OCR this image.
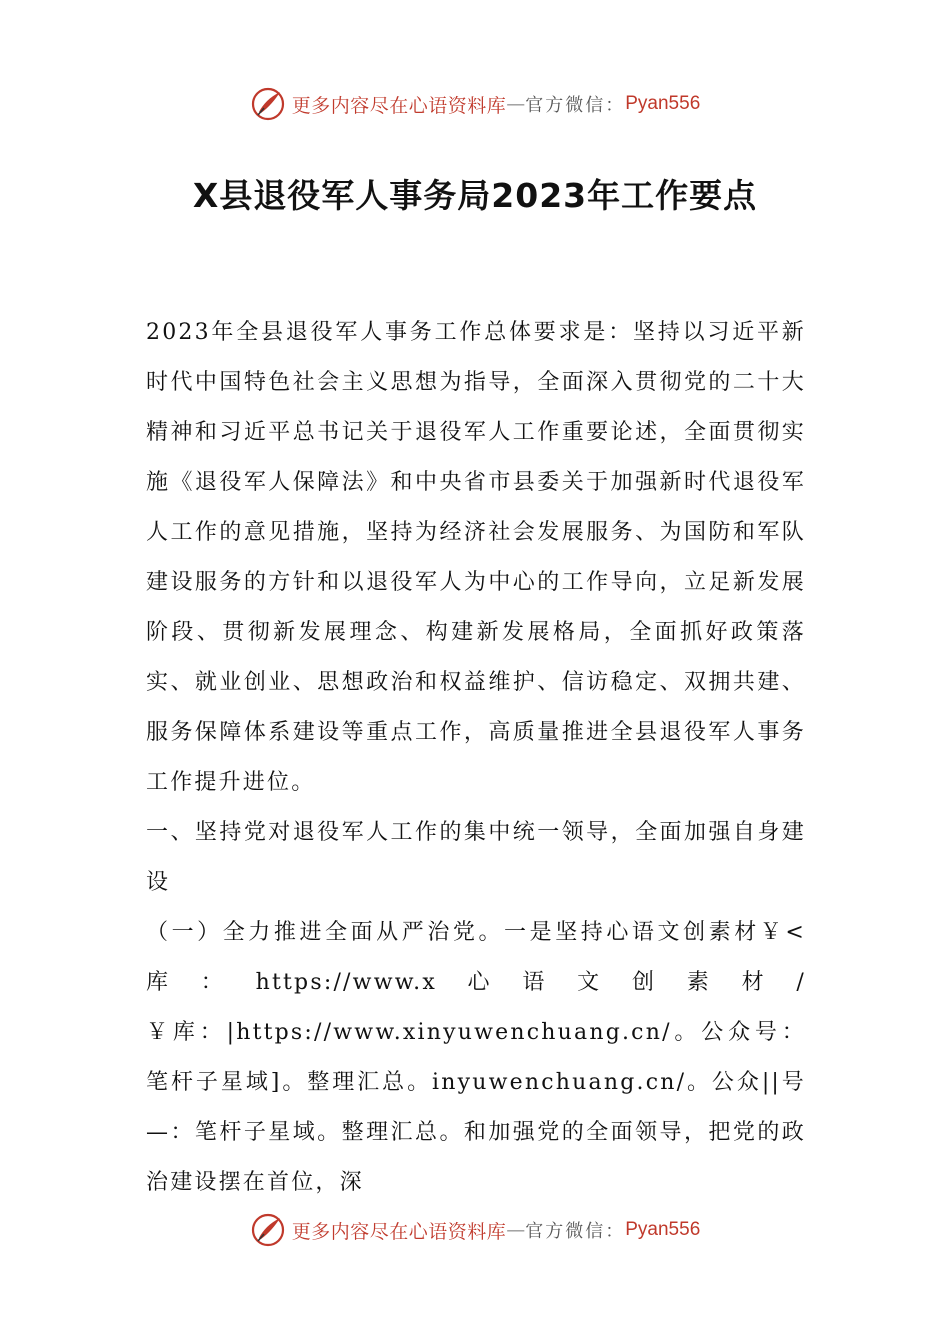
更多内容尽在心语资料库 — 官方微信： Pyan556
X县退役军人事务局2023年工作要点

2023年全县退役军人事务工作总体要求是：坚持以习近平新时代中国特色社会主义思想为指导，全面深入贯彻党的二十大精神和习近平总书记关于退役军人工作重要论述，全面贯彻实施《退役军人保障法》和中央省市县委关于加强新时代退役军人工作的意见措施，坚持为经济社会发展服务、为国防和军队建设服务的方针和以退役军人为中心的工作导向，立足新发展阶段、贯彻新发展理念、构建新发展格局，全面抓好政策落实、就业创业、思想政治和权益维护、信访稳定、双拥共建、服务保障体系建设等重点工作，高质量推进全县退役军人事务工作提升进位。

一、坚持党对退役军人工作的集中统一领导，全面加强自身建设

（一）全力推进全面从严治党。一是坚持心语文创素材￥<库：https://www.x心语文创素材/￥库：|https://www.xinyuwenchuang.cn/。公众号：笔杆子星域]。整理汇总。inyuwenchuang.cn/。公众||号—：笔杆子星域。整理汇总。和加强党的全面领导，把党的政治建设摆在首位，深

更多内容尽在心语资料库 — 官方微信： Pyan556
